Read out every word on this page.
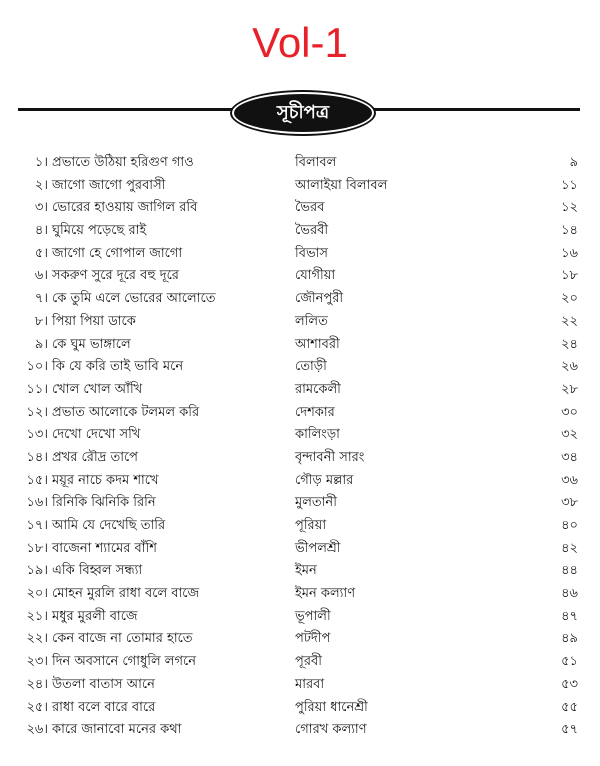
Vol-1
সূচীপত্র
১। প্রভাতে উঠিয়া হরিগুণ গাও	বিলাবল	৯
২। জাগো জাগো পুরবাসী	আলাইয়া বিলাবল	১১
৩। ভোরের হাওয়ায় জাগিল রবি	ভৈরব	১২
৪। ঘুমিয়ে পড়েছে রাই	ভৈরবী	১৪
৫। জাগো হে গোপাল জাগো	বিভাস	১৬
৬। সকরুণ সুরে দূরে বহু দূরে	যোগীয়া	১৮
৭। কে তুমি এলে ভোরের আলোতে	জৌনপুরী	২০
৮। পিয়া পিয়া ডাকে	ললিত	২২
৯। কে ঘুম ভাঙ্গালে	আশাবরী	২৪
১০। কি যে করি তাই ভাবি মনে	তোড়ী	২৬
১১। খোল খোল আঁখি	রামকেলী	২৮
১২। প্রভাত আলোকে টলমল করি	দেশকার	৩০
১৩। দেখো দেখো সখি	কালিংড়া	৩২
১৪। প্রখর রৌদ্র তাপে	বৃন্দাবনী সারং	৩৪
১৫। ময়ূর নাচে কদম শাখে	গৌড় মল্লার	৩৬
১৬। রিনিকি ঝিনিকি রিনি	মুলতানী	৩৮
১৭। আমি যে দেখেছি তারি	পূরিয়া	৪০
১৮। বাজেনা শ্যামের বাঁশি	ভীপলশ্রী	৪২
১৯। একি বিহ্বল সন্ধ্যা	ইমন	৪৪
২০। মোহন মুরলি রাধা বলে বাজে	ইমন কল্যাণ	৪৬
২১। মধুর মুরলী বাজে	ভূপালী	৪৭
২২। কেন বাজে না তোমার হাতে	পটদীপ	৪৯
২৩। দিন অবসানে গোধুলি লগনে	পূরবী	৫১
২৪। উতলা বাতাস আনে	মারবা	৫৩
২৫। রাধা বলে বারে বারে	পুরিয়া ধানেশ্রী	৫৫
২৬। কারে জানাবো মনের কথা	গোরখ কল্যাণ	৫৭
